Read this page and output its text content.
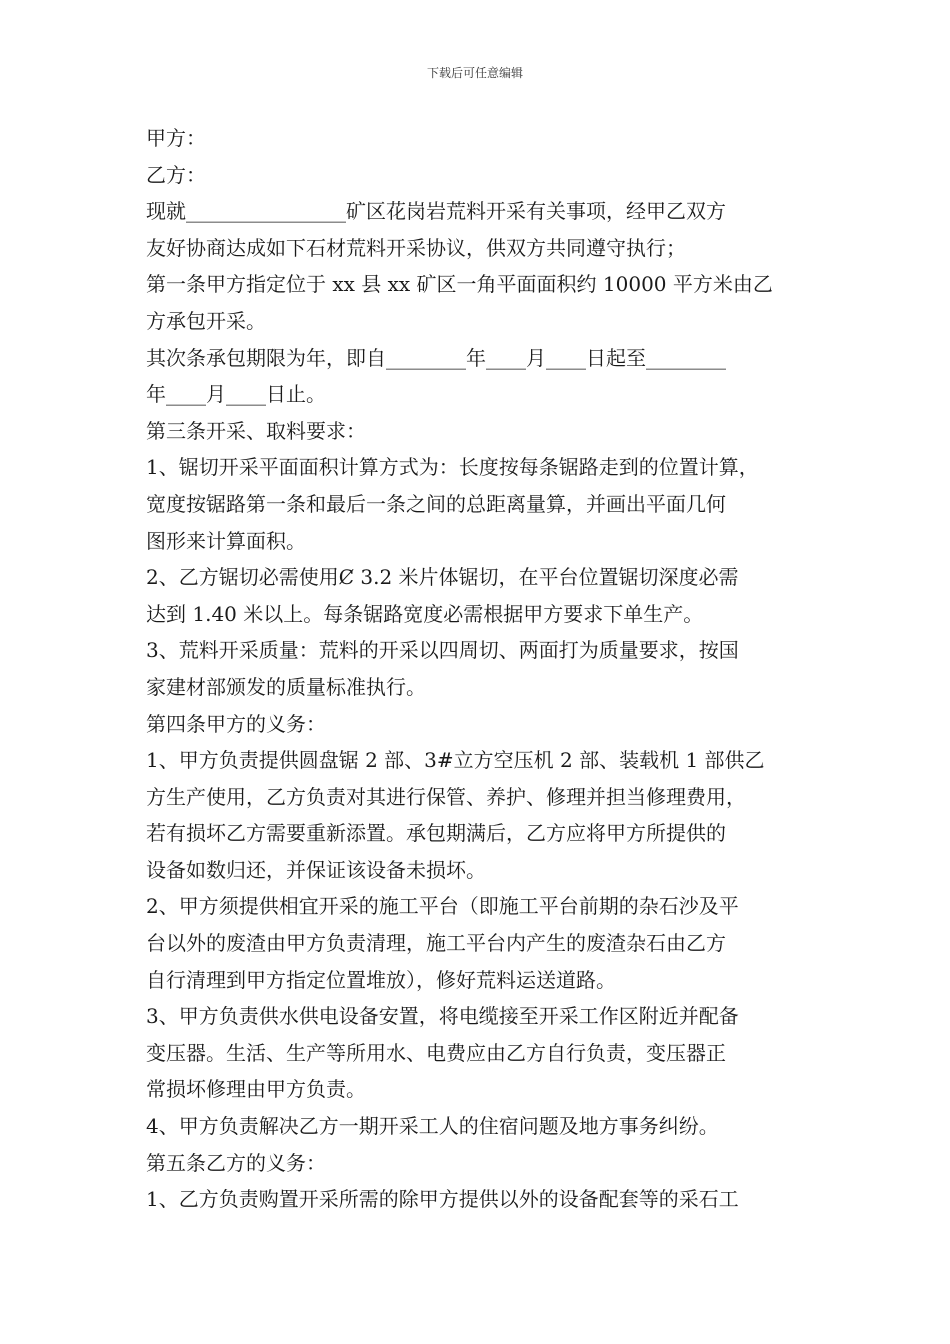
下载后可任意编辑
甲方：
乙方：
现就________________矿区花岗岩荒料开采有关事项，经甲乙双方
友好协商达成如下石材荒料开采协议，供双方共同遵守执行；
第一条甲方指定位于 xx 县 xx 矿区一角平面面积约 10000 平方米由乙
方承包开采。
其次条承包期限为年，即自________年____月____日起至________
年____月____日止。
第三条开采、取料要求：
1、锯切开采平面面积计算方式为：长度按每条锯路走到的位置计算，
宽度按锯路第一条和最后一条之间的总距离量算，并画出平面几何
图形来计算面积。
2、乙方锯切必需使用Ȼ 3.2 米片体锯切，在平台位置锯切深度必需
达到 1.40 米以上。每条锯路宽度必需根据甲方要求下单生产。
3、荒料开采质量：荒料的开采以四周切、两面打为质量要求，按国
家建材部颁发的质量标准执行。
第四条甲方的义务：
1、甲方负责提供圆盘锯 2 部、3#立方空压机 2 部、装载机 1 部供乙
方生产使用，乙方负责对其进行保管、养护、修理并担当修理费用，
若有损坏乙方需要重新添置。承包期满后，乙方应将甲方所提供的
设备如数归还，并保证该设备未损坏。
2、甲方须提供相宜开采的施工平台（即施工平台前期的杂石沙及平
台以外的废渣由甲方负责清理，施工平台内产生的废渣杂石由乙方
自行清理到甲方指定位置堆放），修好荒料运送道路。
3、甲方负责供水供电设备安置，将电缆接至开采工作区附近并配备
变压器。生活、生产等所用水、电费应由乙方自行负责，变压器正
常损坏修理由甲方负责。
4、甲方负责解决乙方一期开采工人的住宿问题及地方事务纠纷。
第五条乙方的义务：
1、乙方负责购置开采所需的除甲方提供以外的设备配套等的采石工
